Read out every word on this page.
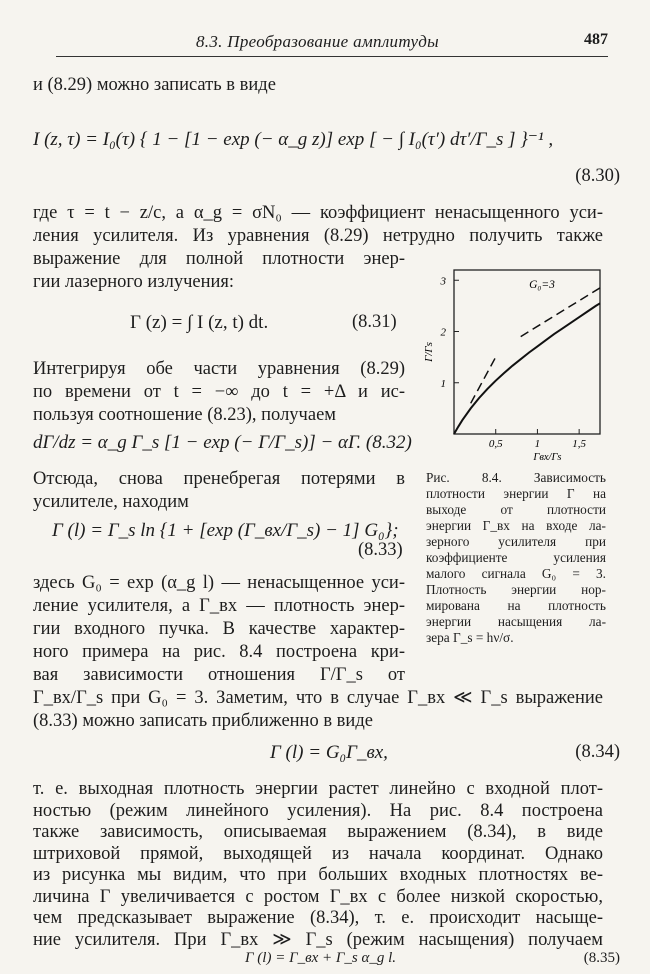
8.3. Преобразование амплитуды	487
и (8.29) можно записать в виде
I (z, τ) = I₀(τ) { 1 − [1 − exp (− α_g z)] exp [ − ∫ I₀(τ′) dτ′/Γ_s ] }⁻¹ ,
(8.30)
где τ = t − z/c, а α_g = σN₀ — коэффициент ненасыщенного уси-
ления усилителя. Из уравнения (8.29) нетрудно получить также
выражение для полной плотности энер-
гии лазерного излучения:
Γ (z) = ∫ I (z, t) dt.	(8.31)
Интегрируя обе части уравнения (8.29)
по времени от t = −∞ до t = +Δ и ис-
пользуя соотношение (8.23), получаем
dΓ/dz = α_g Γ_s [1 − exp (− Γ/Γ_s)] − αΓ. (8.32)
Отсюда, снова пренебрегая потерями в
усилителе, находим
Γ (l) = Γ_s ln {1 + [exp (Γ_вх/Γ_s) − 1] G₀};
(8.33)
здесь G₀ = exp (α_g l) — ненасыщенное уси-
ление усилителя, а Γ_вх — плотность энер-
гии входного пучка. В качестве характер-
ного примера на рис. 8.4 построена кри-
вая зависимости отношения Γ/Γ_s от
Γ_вх/Γ_s при G₀ = 3. Заметим, что в случае Γ_вх ≪ Γ_s выражение
(8.33) можно записать приближенно в виде
Γ (l) = G₀Γ_вх,	(8.34)
т. е. выходная плотность энергии растет линейно с входной плот-
ностью (режим линейного усиления). На рис. 8.4 построена
также зависимость, описываемая выражением (8.34), в виде
штриховой прямой, выходящей из начала координат. Однако
из рисунка мы видим, что при больших входных плотностях ве-
личина Γ увеличивается с ростом Γ_вх с более низкой скоростью,
чем предсказывает выражение (8.34), т. е. происходит насыще-
ние усилителя. При Γ_вх ≫ Γ_s (режим насыщения) получаем
Γ (l) = Γ_вх + Γ_s α_g l.	(8.35)
0,5	1	1,5
1
2
3
Γвх/Γs
Γ/Γs
G₀=3
Рис. 8.4. Зависимость
плотности энергии Γ на
выходе от плотности
энергии Γ_вх на входе ла-
зерного усилителя при
коэффициенте усиления
малого сигнала G₀ = 3.
Плотность энергии нор-
мирована на плотность
энергии насыщения ла-
зера Γ_s = hν/σ.
